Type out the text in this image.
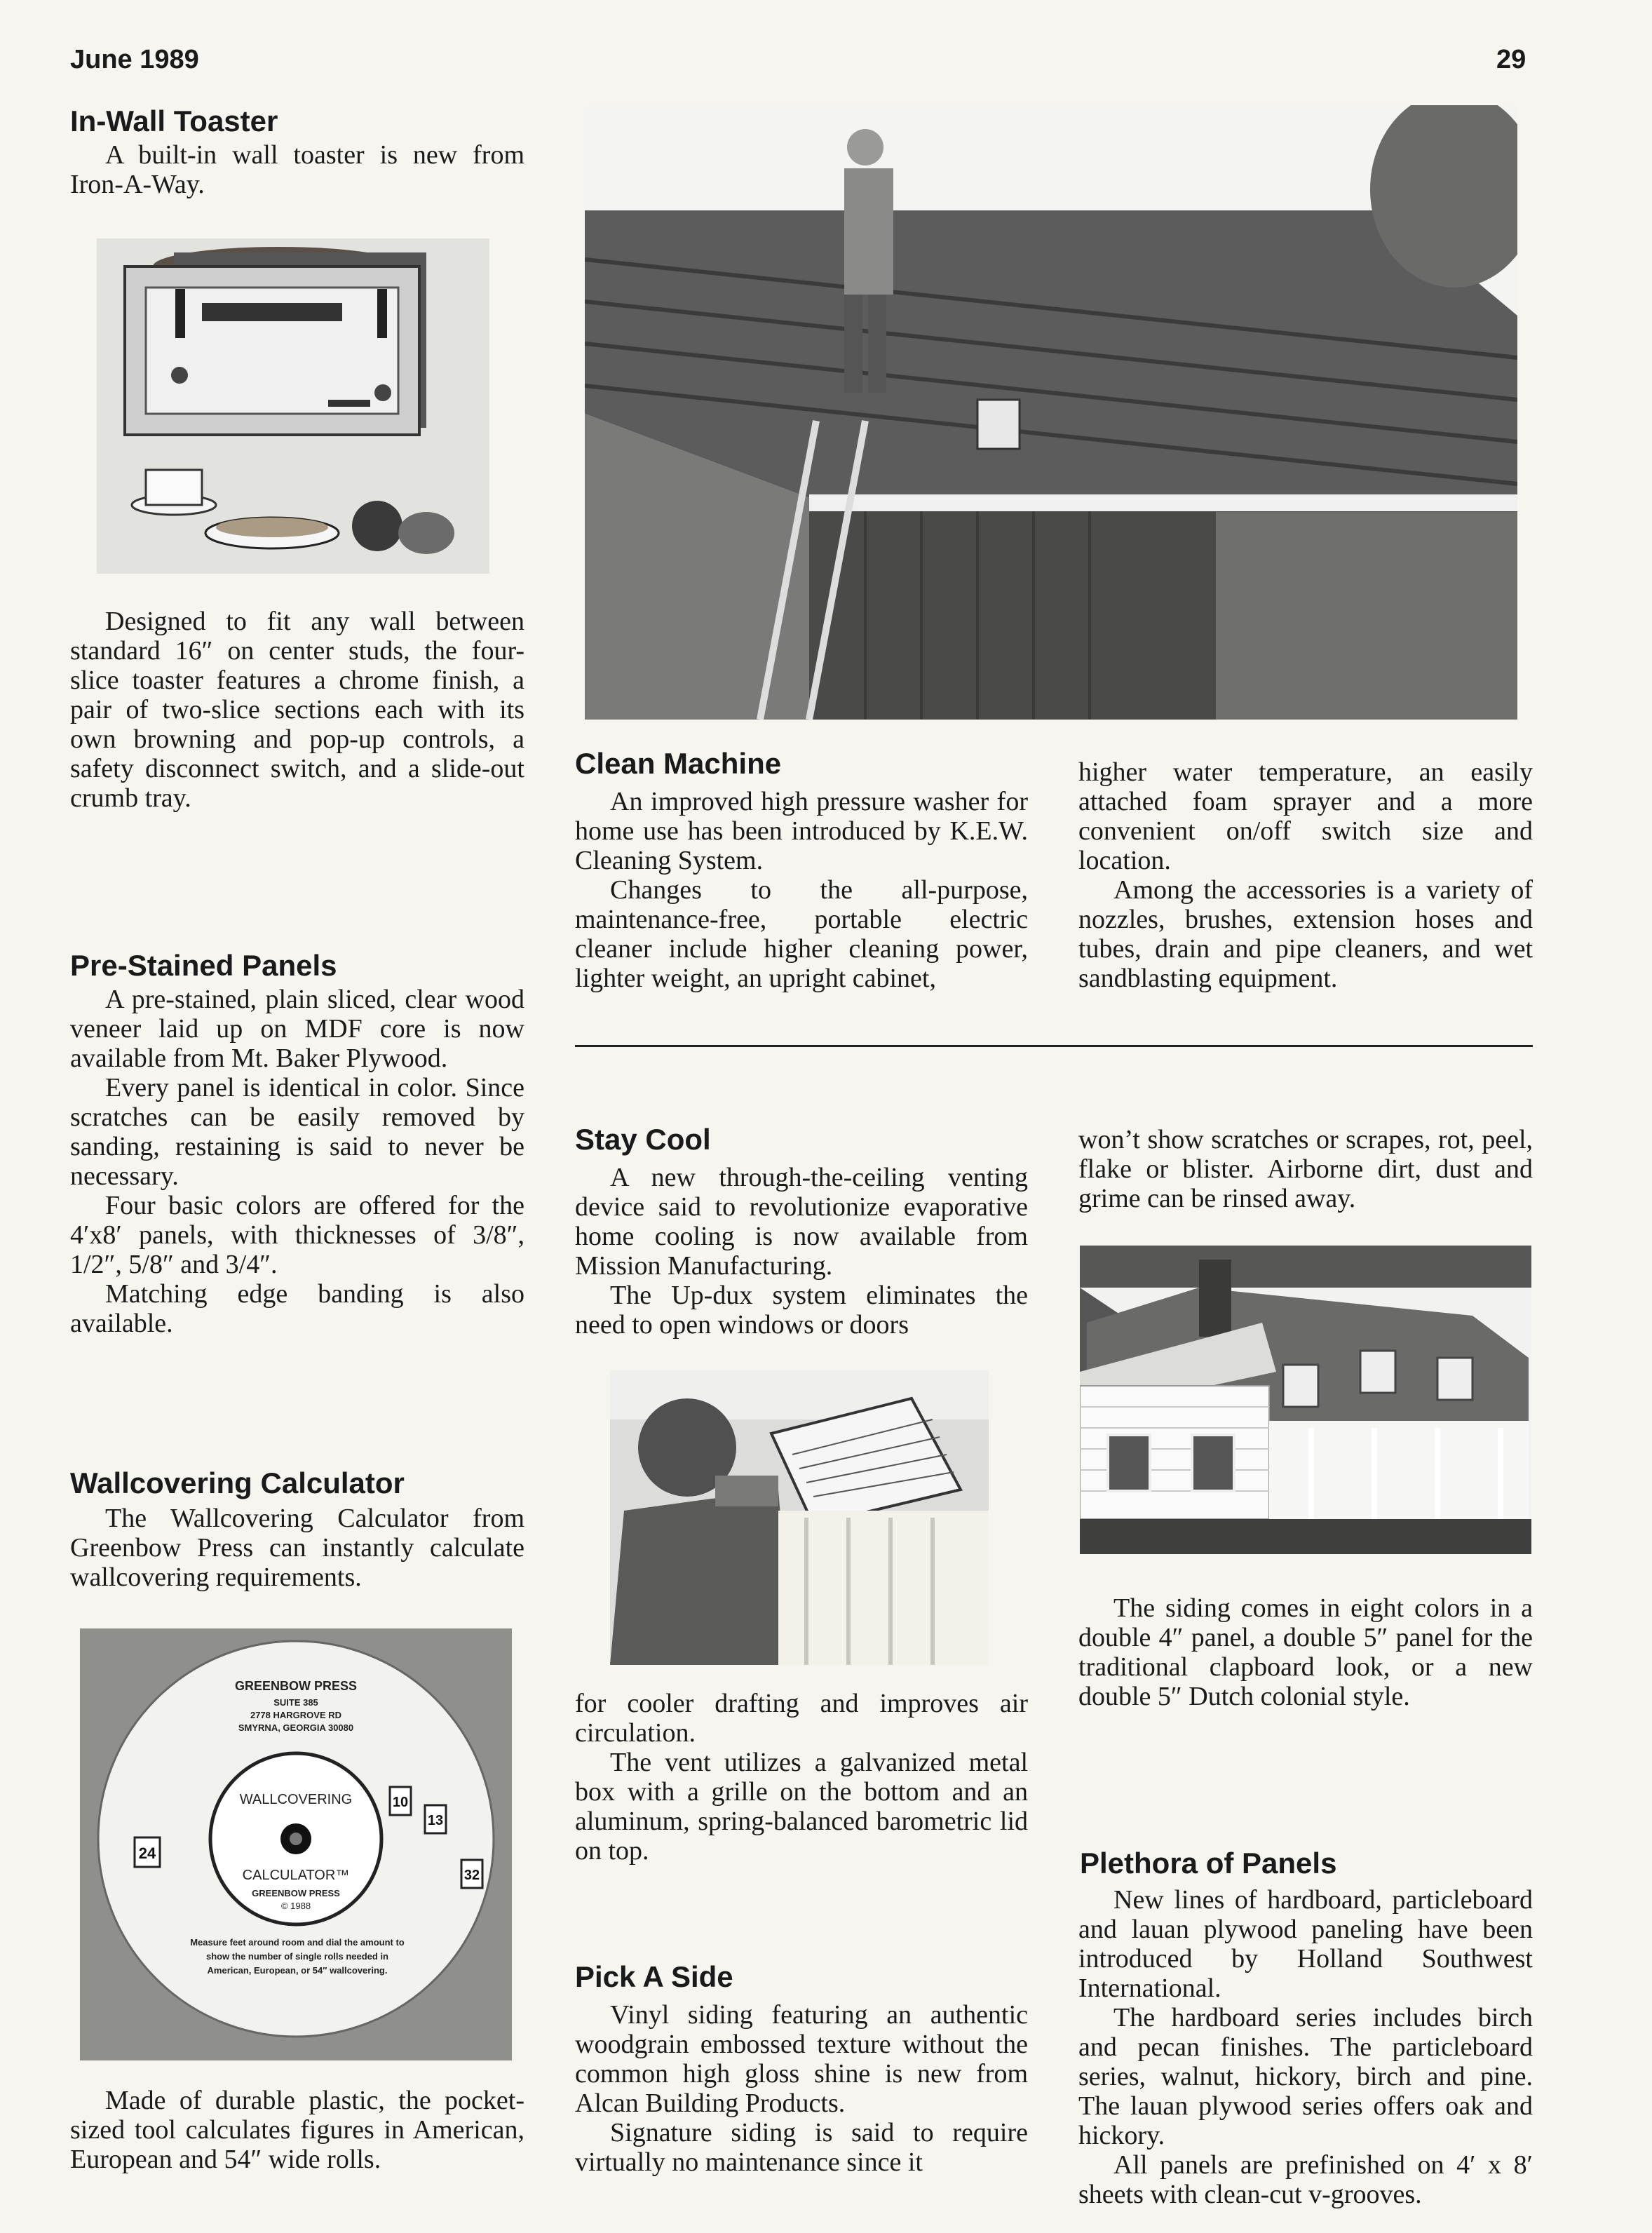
June 1989	29
In-Wall Toaster

A built-in wall toaster is new from Iron-A-Way.

Designed to fit any wall between standard 16″ on center studs, the four-slice toaster features a chrome finish, a pair of two-slice sections each with its own browning and pop-up controls, a safety disconnect switch, and a slide-out crumb tray.

Pre-Stained Panels

A pre-stained, plain sliced, clear wood veneer laid up on MDF core is now available from Mt. Baker Plywood.

Every panel is identical in color. Since scratches can be easily removed by sanding, restaining is said to never be necessary.

Four basic colors are offered for the 4′x8′ panels, with thicknesses of 3/8″, 1/2″, 5/8″ and 3/4″.

Matching edge banding is also available.

Wallcovering Calculator

The Wallcovering Calculator from Greenbow Press can instantly calculate wallcovering requirements.

GREENBOW PRESS
SUITE 385
2778 HARGROVE RD
SMYRNA, GEORGIA 30080
WALLCOVERING
CALCULATOR™
GREENBOW PRESS
© 1988
24
10
13
32
Measure feet around room and dial the amount to show the number of single rolls needed in American, European, or 54″ wallcovering.

Made of durable plastic, the pocket-sized tool calculates figures in American, European and 54″ wide rolls.

Clean Machine

An improved high pressure washer for home use has been introduced by K.E.W. Cleaning System.

Changes to the all-purpose, maintenance-free, portable electric cleaner include higher cleaning power, lighter weight, an upright cabinet,

Stay Cool

A new through-the-ceiling venting device said to revolutionize evaporative home cooling is now available from Mission Manufacturing.

The Up-dux system eliminates the need to open windows or doors

for cooler drafting and improves air circulation.

The vent utilizes a galvanized metal box with a grille on the bottom and an aluminum, spring-balanced barometric lid on top.

Pick A Side

Vinyl siding featuring an authentic woodgrain embossed texture without the common high gloss shine is new from Alcan Building Products.

Signature siding is said to require virtually no maintenance since it

higher water temperature, an easily attached foam sprayer and a more convenient on/off switch size and location.

Among the accessories is a variety of nozzles, brushes, extension hoses and tubes, drain and pipe cleaners, and wet sandblasting equipment.

won’t show scratches or scrapes, rot, peel, flake or blister. Airborne dirt, dust and grime can be rinsed away.

The siding comes in eight colors in a double 4″ panel, a double 5″ panel for the traditional clapboard look, or a new double 5″ Dutch colonial style.

Plethora of Panels

New lines of hardboard, particleboard and lauan plywood paneling have been introduced by Holland Southwest International.

The hardboard series includes birch and pecan finishes. The particleboard series, walnut, hickory, birch and pine. The lauan plywood series offers oak and hickory.

All panels are prefinished on 4′ x 8′ sheets with clean-cut v-grooves.
